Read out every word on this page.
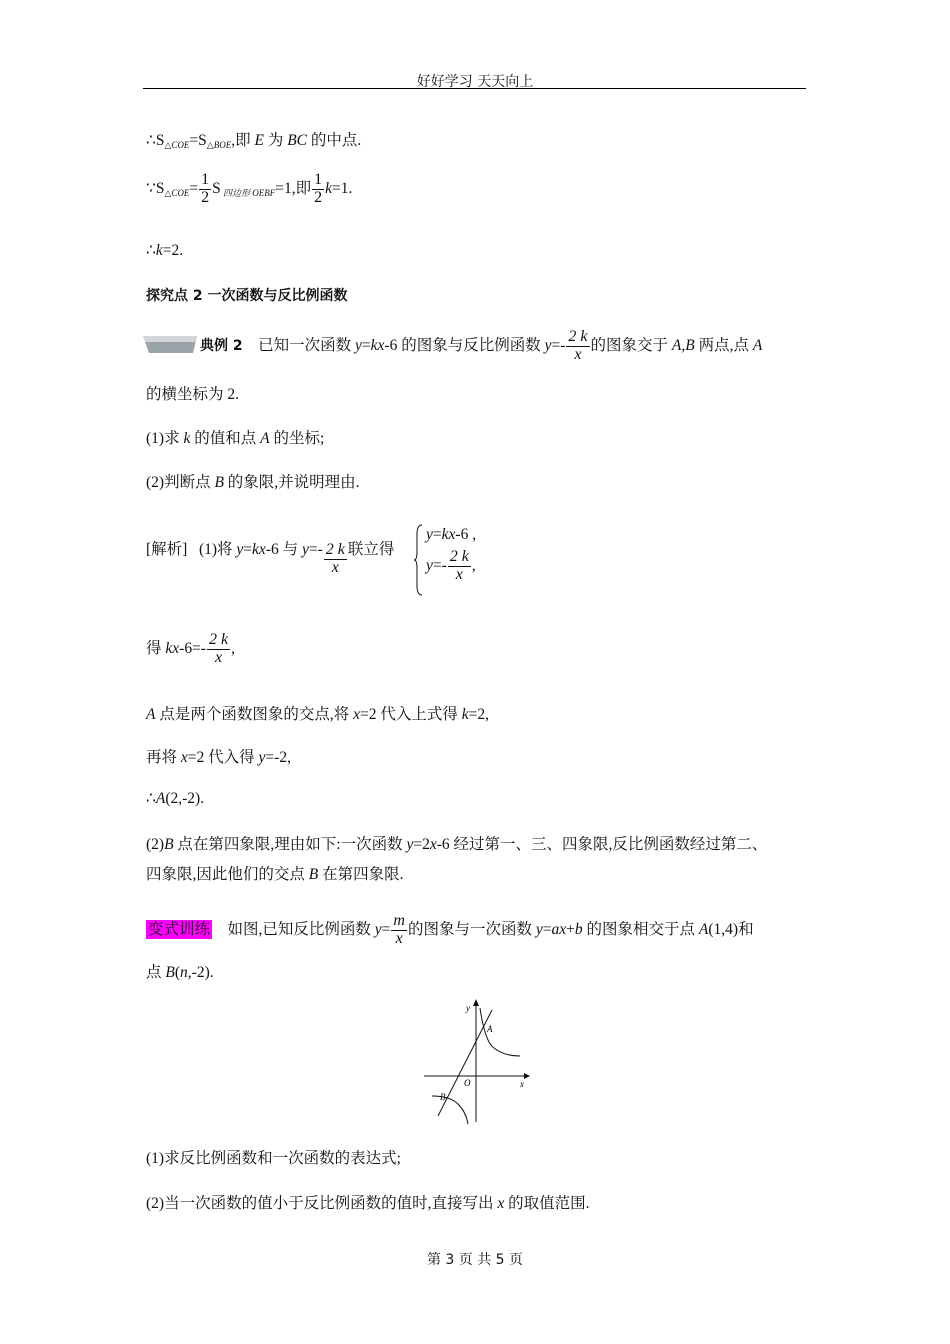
好好学习 天天向上
$\therefore S_{\triangle COE}=S_{\triangle BOE}$,即 E 为 BC 的中点.
$\because S_{\triangle COE}= \frac{1}{2}$ S $_{四边形 OEBF}$=1,即 $\frac{1}{2} k=1$.
∴k=2.
探究点 2 一次函数与反比例函数
典例 2 已知一次函数 y=kx-6 的图象与反比例函数 $y=- \frac{2 k}{x}$ 的图象交于 A,B 两点,点 A
的横坐标为 2.
(1)求 k 的值和点 A 的坐标;
(2)判断点 B 的象限,并说明理由.
[解析] (1)将 y=kx-6 与 $y=- \frac{2 k}{x}$ 联立得
y=kx-6 ,
$y=- \frac{2 k}{x}$ ,
得 $kx-6=- \frac{2 k}{x}$ ,
A 点是两个函数图象的交点,将 x=2 代入上式得 k=2,
再将 x=2 代入得 y=-2,
∴A(2,-2).
(2)B 点在第四象限,理由如下:一次函数 y=2x-6 经过第一、三、四象限,反比例函数经过第二、
四象限,因此他们的交点 B 在第四象限.
变式训练 如图,已知反比例函数 $y= \frac{m}{x}$ 的图象与一次函数 y=ax+b 的图象相交于点 A(1,4)和
点 B(n,-2).
y
x
O
A
B
(1)求反比例函数和一次函数的表达式;
(2)当一次函数的值小于反比例函数的值时,直接写出 x 的取值范围.
第 3 页 共 5 页
